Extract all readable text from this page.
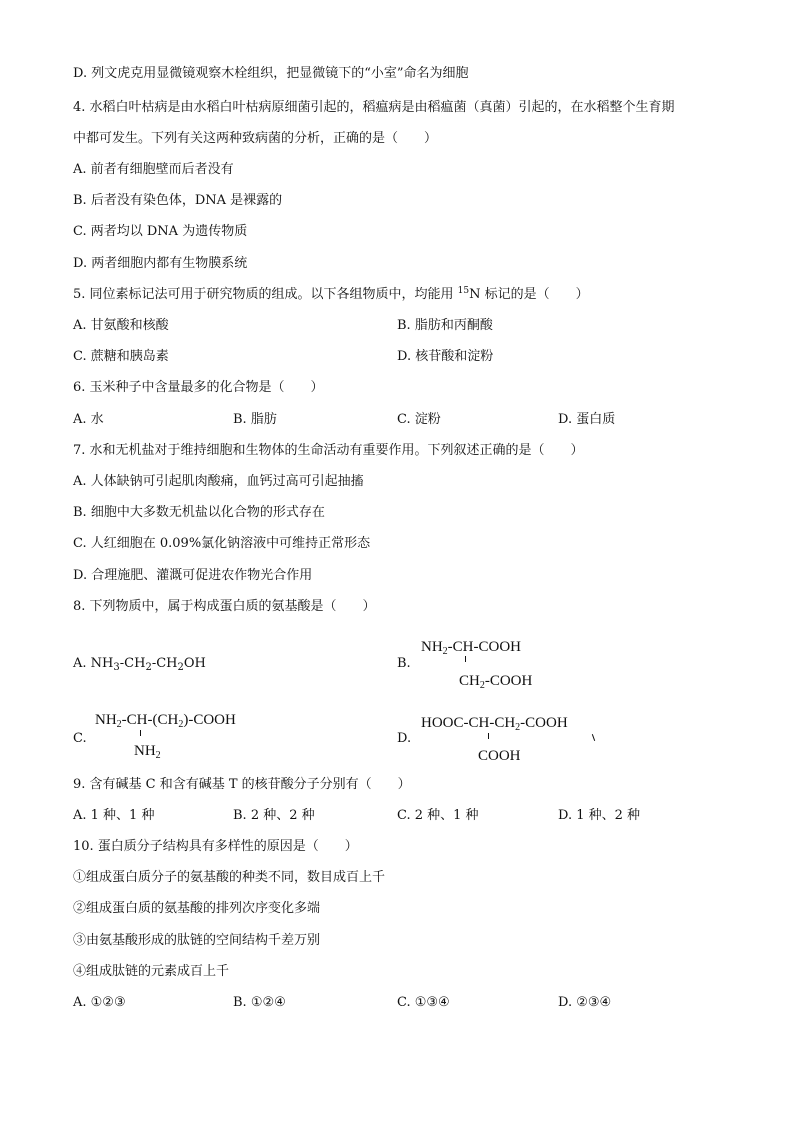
D. 列文虎克用显微镜观察木栓组织，把显微镜下的“小室”命名为细胞
4. 水稻白叶枯病是由水稻白叶枯病原细菌引起的，稻瘟病是由稻瘟菌（真菌）引起的，在水稻整个生育期
中都可发生。下列有关这两种致病菌的分析，正确的是（　　）
A. 前者有细胞壁而后者没有
B. 后者没有染色体，DNA 是裸露的
C. 两者均以 DNA 为遗传物质
D. 两者细胞内都有生物膜系统
5. 同位素标记法可用于研究物质的组成。以下各组物质中，均能用 $^{15}$N 标记的是（　　）
A. 甘氨酸和核酸	B. 脂肪和丙酮酸
C. 蔗糖和胰岛素	D. 核苷酸和淀粉
6. 玉米种子中含量最多的化合物是（　　）
A. 水	B. 脂肪	C. 淀粉	D. 蛋白质
7. 水和无机盐对于维持细胞和生物体的生命活动有重要作用。下列叙述正确的是（　　）
A. 人体缺钠可引起肌肉酸痛，血钙过高可引起抽搐
B. 细胞中大多数无机盐以化合物的形式存在
C. 人红细胞在 0.09%氯化钠溶液中可维持正常形态
D. 合理施肥、灌溉可促进农作物光合作用
8. 下列物质中，属于构成蛋白质的氨基酸是（　　）
A. $NH_3-CH_2-CH_2OH$	B.
$NH_2-CH$-COOH
$CH_2$-COOH
C.
$NH_2-CH-(CH_2)$-COOH
$NH_2$
D.
HOOC-$CH-CH_2$-COOH
COOH
9. 含有碱基 C 和含有碱基 T 的核苷酸分子分别有（　　）
A. 1 种、1 种	B. 2 种、2 种	C. 2 种、1 种	D. 1 种、2 种
10. 蛋白质分子结构具有多样性的原因是（　　）
①组成蛋白质分子的氨基酸的种类不同，数目成百上千
②组成蛋白质的氨基酸的排列次序变化多端
③由氨基酸形成的肽链的空间结构千差万别
④组成肽链的元素成百上千
A. ①②③	B. ①②④	C. ①③④	D. ②③④
